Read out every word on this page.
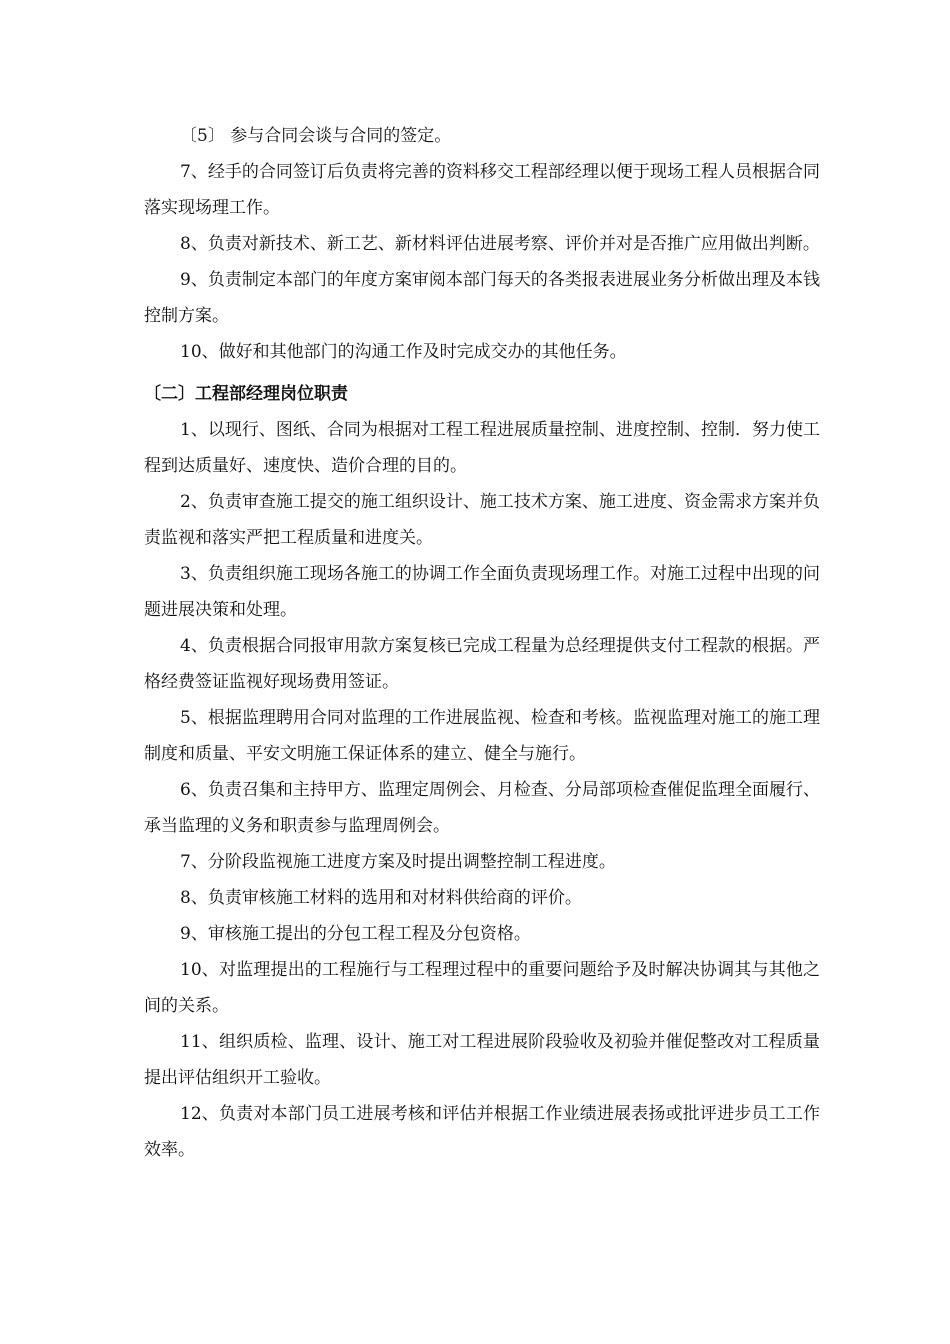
〔5〕 参与合同会谈与合同的签定。

7、经手的合同签订后负责将完善的资料移交工程部经理以便于现场工程人员根据合同落实现场理工作。

8、负责对新技术、新工艺、新材料评估进展考察、评价并对是否推广应用做出判断。

9、负责制定本部门的年度方案审阅本部门每天的各类报表进展业务分析做出理及本钱控制方案。

10、做好和其他部门的沟通工作及时完成交办的其他任务。

〔二〕工程部经理岗位职责

1、以现行、图纸、合同为根据对工程工程进展质量控制、进度控制、控制．努力使工程到达质量好、速度快、造价合理的目的。

2、负责审查施工提交的施工组织设计、施工技术方案、施工进度、资金需求方案并负责监视和落实严把工程质量和进度关。

3、负责组织施工现场各施工的协调工作全面负责现场理工作。对施工过程中出现的问题进展决策和处理。

4、负责根据合同报审用款方案复核已完成工程量为总经理提供支付工程款的根据。严格经费签证监视好现场费用签证。

5、根据监理聘用合同对监理的工作进展监视、检查和考核。监视监理对施工的施工理制度和质量、平安文明施工保证体系的建立、健全与施行。

6、负责召集和主持甲方、监理定周例会、月检查、分局部项检查催促监理全面履行、承当监理的义务和职责参与监理周例会。

7、分阶段监视施工进度方案及时提出调整控制工程进度。

8、负责审核施工材料的选用和对材料供给商的评价。

9、审核施工提出的分包工程工程及分包资格。

10、对监理提出的工程施行与工程理过程中的重要问题给予及时解决协调其与其他之间的关系。

11、组织质检、监理、设计、施工对工程进展阶段验收及初验并催促整改对工程质量提出评估组织开工验收。

12、负责对本部门员工进展考核和评估并根据工作业绩进展表扬或批评进步员工工作效率。
